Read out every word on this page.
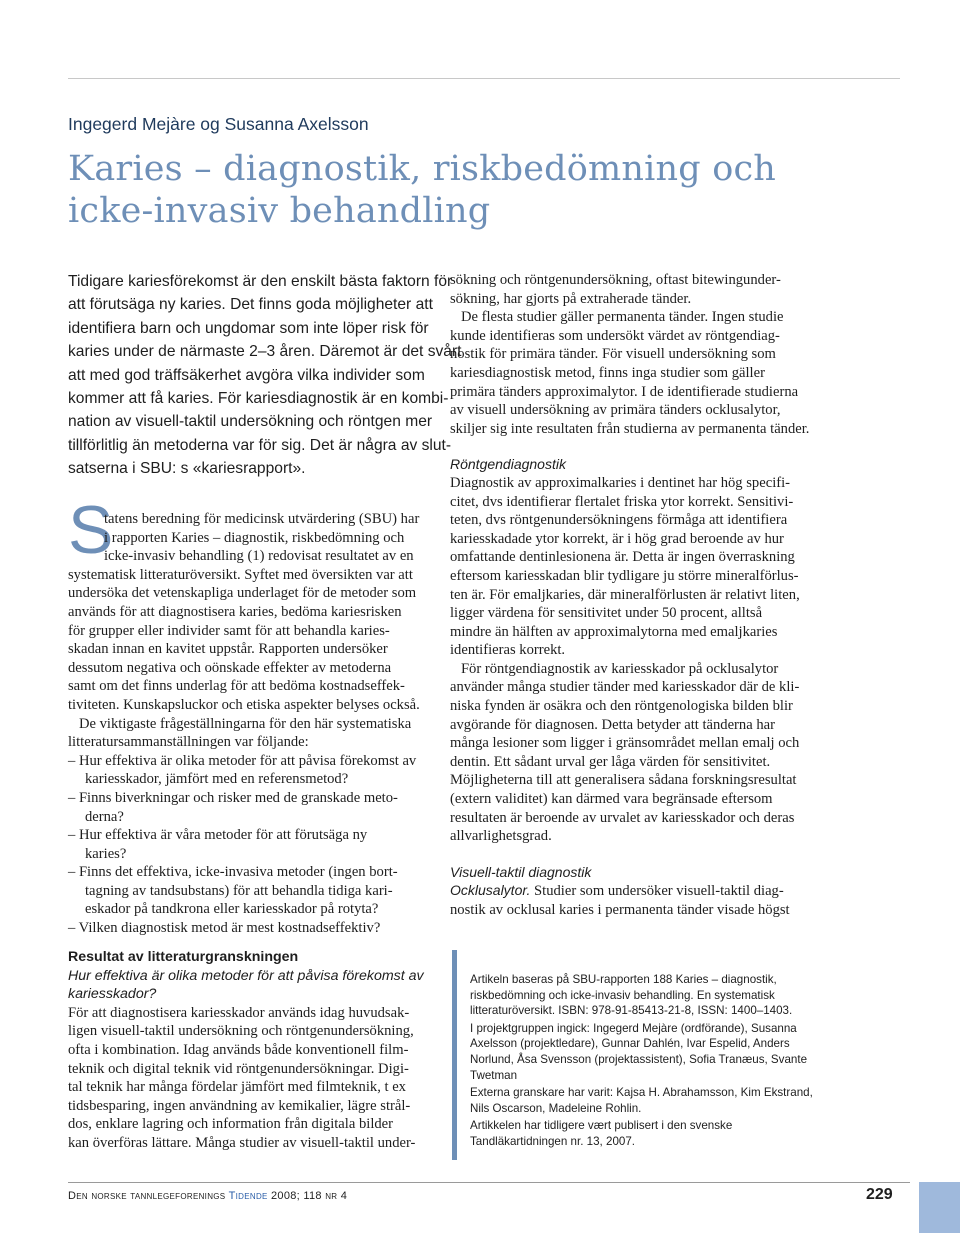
Ingegerd Mejàre og Susanna Axelsson
Karies – diagnostik, riskbedömning och
icke-invasiv behandling
Tidigare kariesförekomst är den enskilt bästa faktorn för
att förutsäga ny karies. Det finns goda möjligheter att
identifiera barn och ungdomar som inte löper risk för
karies under de närmaste 2–3 åren. Däremot är det svårt
att med god träffsäkerhet avgöra vilka individer som
kommer att få karies. För kariesdiagnostik är en kombi-
nation av visuell-taktil undersökning och röntgen mer
tillförlitlig än metoderna var för sig. Det är några av slut-
satserna i SBU: s «kariesrapport».
S
tatens beredning för medicinsk utvärdering (SBU) har
i rapporten Karies – diagnostik, riskbedömning och
icke-invasiv behandling (1) redovisat resultatet av en
systematisk litteraturöversikt. Syftet med översikten var att
undersöka det vetenskapliga underlaget för de metoder som
används för att diagnostisera karies, bedöma kariesrisken
för grupper eller individer samt för att behandla karies-
skadan innan en kavitet uppstår. Rapporten undersöker
dessutom negativa och oönskade effekter av metoderna
samt om det finns underlag för att bedöma kostnadseffek-
tiviteten. Kunskapsluckor och etiska aspekter belyses också.
De viktigaste frågeställningarna för den här systematiska
litteratursammanställningen var följande:
– Hur effektiva är olika metoder för att påvisa förekomst av
kariesskador, jämfört med en referensmetod?
– Finns biverkningar och risker med de granskade meto-
derna?
– Hur effektiva är våra metoder för att förutsäga ny
karies?
– Finns det effektiva, icke-invasiva metoder (ingen bort-
tagning av tandsubstans) för att behandla tidiga kari-
eskador på tandkrona eller kariesskador på rotyta?
– Vilken diagnostisk metod är mest kostnadseffektiv?
Resultat av litteraturgranskningen
Hur effektiva är olika metoder för att påvisa förekomst av
kariesskador?
För att diagnostisera kariesskador används idag huvudsak-
ligen visuell-taktil undersökning och röntgenundersökning,
ofta i kombination. Idag används både konventionell film-
teknik och digital teknik vid röntgenundersökningar. Digi-
tal teknik har många fördelar jämfört med filmteknik, t ex
tidsbesparing, ingen användning av kemikalier, lägre strål-
dos, enklare lagring och information från digitala bilder
kan överföras lättare. Många studier av visuell-taktil under-
sökning och röntgenundersökning, oftast bitewingunder-
sökning, har gjorts på extraherade tänder.
De flesta studier gäller permanenta tänder. Ingen studie
kunde identifieras som undersökt värdet av röntgendiag-
nostik för primära tänder. För visuell undersökning som
kariesdiagnostisk metod, finns inga studier som gäller
primära tänders approximalytor. I de identifierade studierna
av visuell undersökning av primära tänders ocklusalytor,
skiljer sig inte resultaten från studierna av permanenta tänder.
Röntgendiagnostik
Diagnostik av approximalkaries i dentinet har hög specifi-
citet, dvs identifierar flertalet friska ytor korrekt. Sensitivi-
teten, dvs röntgenundersökningens förmåga att identifiera
kariesskadade ytor korrekt, är i hög grad beroende av hur
omfattande dentinlesionena är. Detta är ingen överraskning
eftersom kariesskadan blir tydligare ju större mineralförlus-
ten är. För emaljkaries, där mineralförlusten är relativt liten,
ligger värdena för sensitivitet under 50 procent, alltså
mindre än hälften av approximalytorna med emaljkaries
identifieras korrekt.
För röntgendiagnostik av kariesskador på ocklusalytor
använder många studier tänder med kariesskador där de kli-
niska fynden är osäkra och den röntgenologiska bilden blir
avgörande för diagnosen. Detta betyder att tänderna har
många lesioner som ligger i gränsområdet mellan emalj och
dentin. Ett sådant urval ger låga värden för sensitivitet.
Möjligheterna till att generalisera sådana forskningsresultat
(extern validitet) kan därmed vara begränsade eftersom
resultaten är beroende av urvalet av kariesskador och deras
allvarlighetsgrad.
Visuell-taktil diagnostik
Ocklusalytor. Studier som undersöker visuell-taktil diag-
nostik av ocklusal karies i permanenta tänder visade högst
Artikeln baseras på SBU-rapporten 188 Karies – diagnostik,
riskbedömning och icke-invasiv behandling. En systematisk
litteraturöversikt. ISBN: 978-91-85413-21-8, ISSN: 1400–1403.
I projektgruppen ingick: Ingegerd Mejàre (ordförande), Susanna
Axelsson (projektledare), Gunnar Dahlén, Ivar Espelid, Anders
Norlund, Åsa Svensson (projektassistent), Sofia Tranæus, Svante
Twetman
Externa granskare har varit: Kajsa H. Abrahamsson, Kim Ekstrand,
Nils Oscarson, Madeleine Rohlin.
Artikkelen har tidligere vært publisert i den svenske
Tandläkartidningen nr. 13, 2007.
Den norske tannlegeforenings Tidende 2008; 118 nr 4	229
